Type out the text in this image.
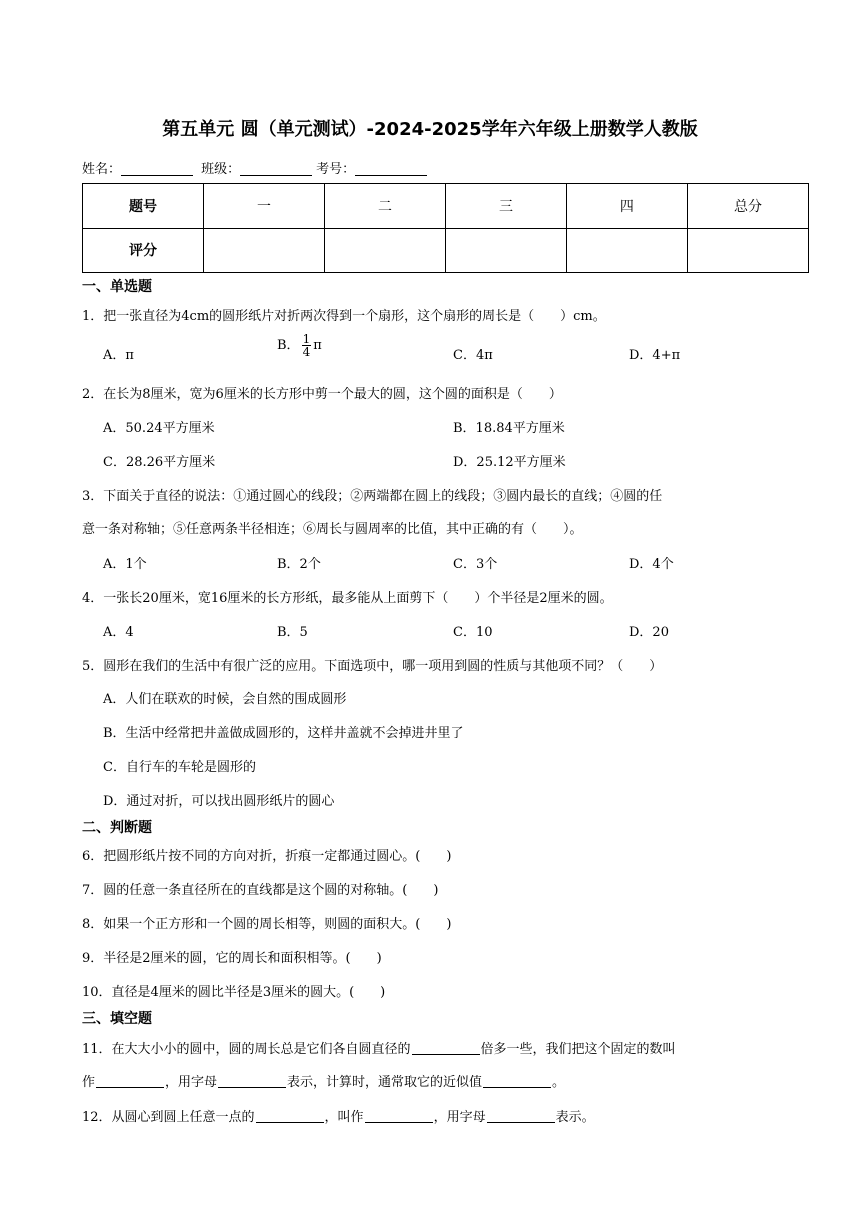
第五单元 圆（单元测试）-2024-2025学年六年级上册数学人教版
姓名：	班级：	考号：
题号	一	二	三	四	总分
评分					
一、单选题
1．把一张直径为4cm的圆形纸片对折两次得到一个扇形，这个扇形的周长是（　　）cm。
A．π
B． $\frac{1}{4}$ π
C．4π	D．4+π
2．在长为8厘米，宽为6厘米的长方形中剪一个最大的圆，这个圆的面积是（　　）
A．50.24平方厘米	B．18.84平方厘米
C．28.26平方厘米	D．25.12平方厘米
3．下面关于直径的说法：①通过圆心的线段；②两端都在圆上的线段；③圆内最长的直线；④圆的任
意一条对称轴；⑤任意两条半径相连；⑥周长与圆周率的比值，其中正确的有（　　）。
A．1个	B．2个	C．3个	D．4个
4．一张长20厘米，宽16厘米的长方形纸，最多能从上面剪下（　　）个半径是2厘米的圆。
A．4	B．5	C．10	D．20
5．圆形在我们的生活中有很广泛的应用。下面选项中，哪一项用到圆的性质与其他项不同？（　　）
A．人们在联欢的时候，会自然的围成圆形
B．生活中经常把井盖做成圆形的，这样井盖就不会掉进井里了
C．自行车的车轮是圆形的
D．通过对折，可以找出圆形纸片的圆心
二、判断题
6．把圆形纸片按不同的方向对折，折痕一定都通过圆心。(　　)
7．圆的任意一条直径所在的直线都是这个圆的对称轴。(　　)
8．如果一个正方形和一个圆的周长相等，则圆的面积大。(　　)
9．半径是2厘米的圆，它的周长和面积相等。(　　)
10．直径是4厘米的圆比半径是3厘米的圆大。(　　)
三、填空题
11．在大大小小的圆中，圆的周长总是它们各自圆直径的	倍多一些，我们把这个固定的数叫
作	，用字母	表示，计算时，通常取它的近似值	。
12．从圆心到圆上任意一点的	，叫作	，用字母	表示。
